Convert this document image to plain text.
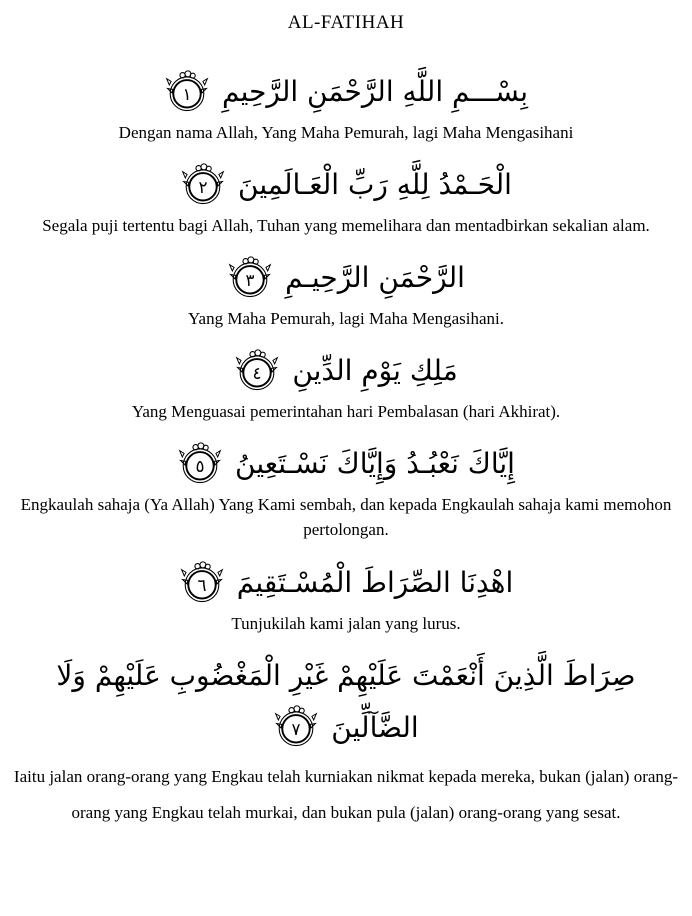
AL-FATIHAH
بِسْـــمِ اللَّهِ الرَّحْمَنِ الرَّحِيمِ
١

Dengan nama Allah, Yang Maha Pemurah, lagi Maha Mengasihani

الْحَـمْدُ لِلَّهِ رَبِّ الْعَـالَمِينَ
٢

Segala puji tertentu bagi Allah, Tuhan yang memelihara dan mentadbirkan sekalian alam.

الرَّحْمَنِ الرَّحِيـمِ
٣

Yang Maha Pemurah, lagi Maha Mengasihani.

مَلِكِ يَوْمِ الدِّينِ
٤

Yang Menguasai pemerintahan hari Pembalasan (hari Akhirat).

إِيَّاكَ نَعْبُـدُ وَإِيَّاكَ نَسْـتَعِينُ
٥

Engkaulah sahaja (Ya Allah) Yang Kami sembah, dan kepada Engkaulah sahaja kami memohon pertolongan.

اهْدِنَا الصِّرَاطَ الْمُسْـتَقِيمَ
٦

Tunjukilah kami jalan yang lurus.

صِرَاطَ الَّذِينَ أَنْعَمْتَ عَلَيْهِمْ غَيْرِ الْمَغْضُوبِ عَلَيْهِمْ وَلَا
الضَّآلِّينَ
٧

Iaitu jalan orang-orang yang Engkau telah kurniakan nikmat kepada mereka, bukan (jalan) orang-orang yang Engkau telah murkai, dan bukan pula (jalan) orang-orang yang sesat.
